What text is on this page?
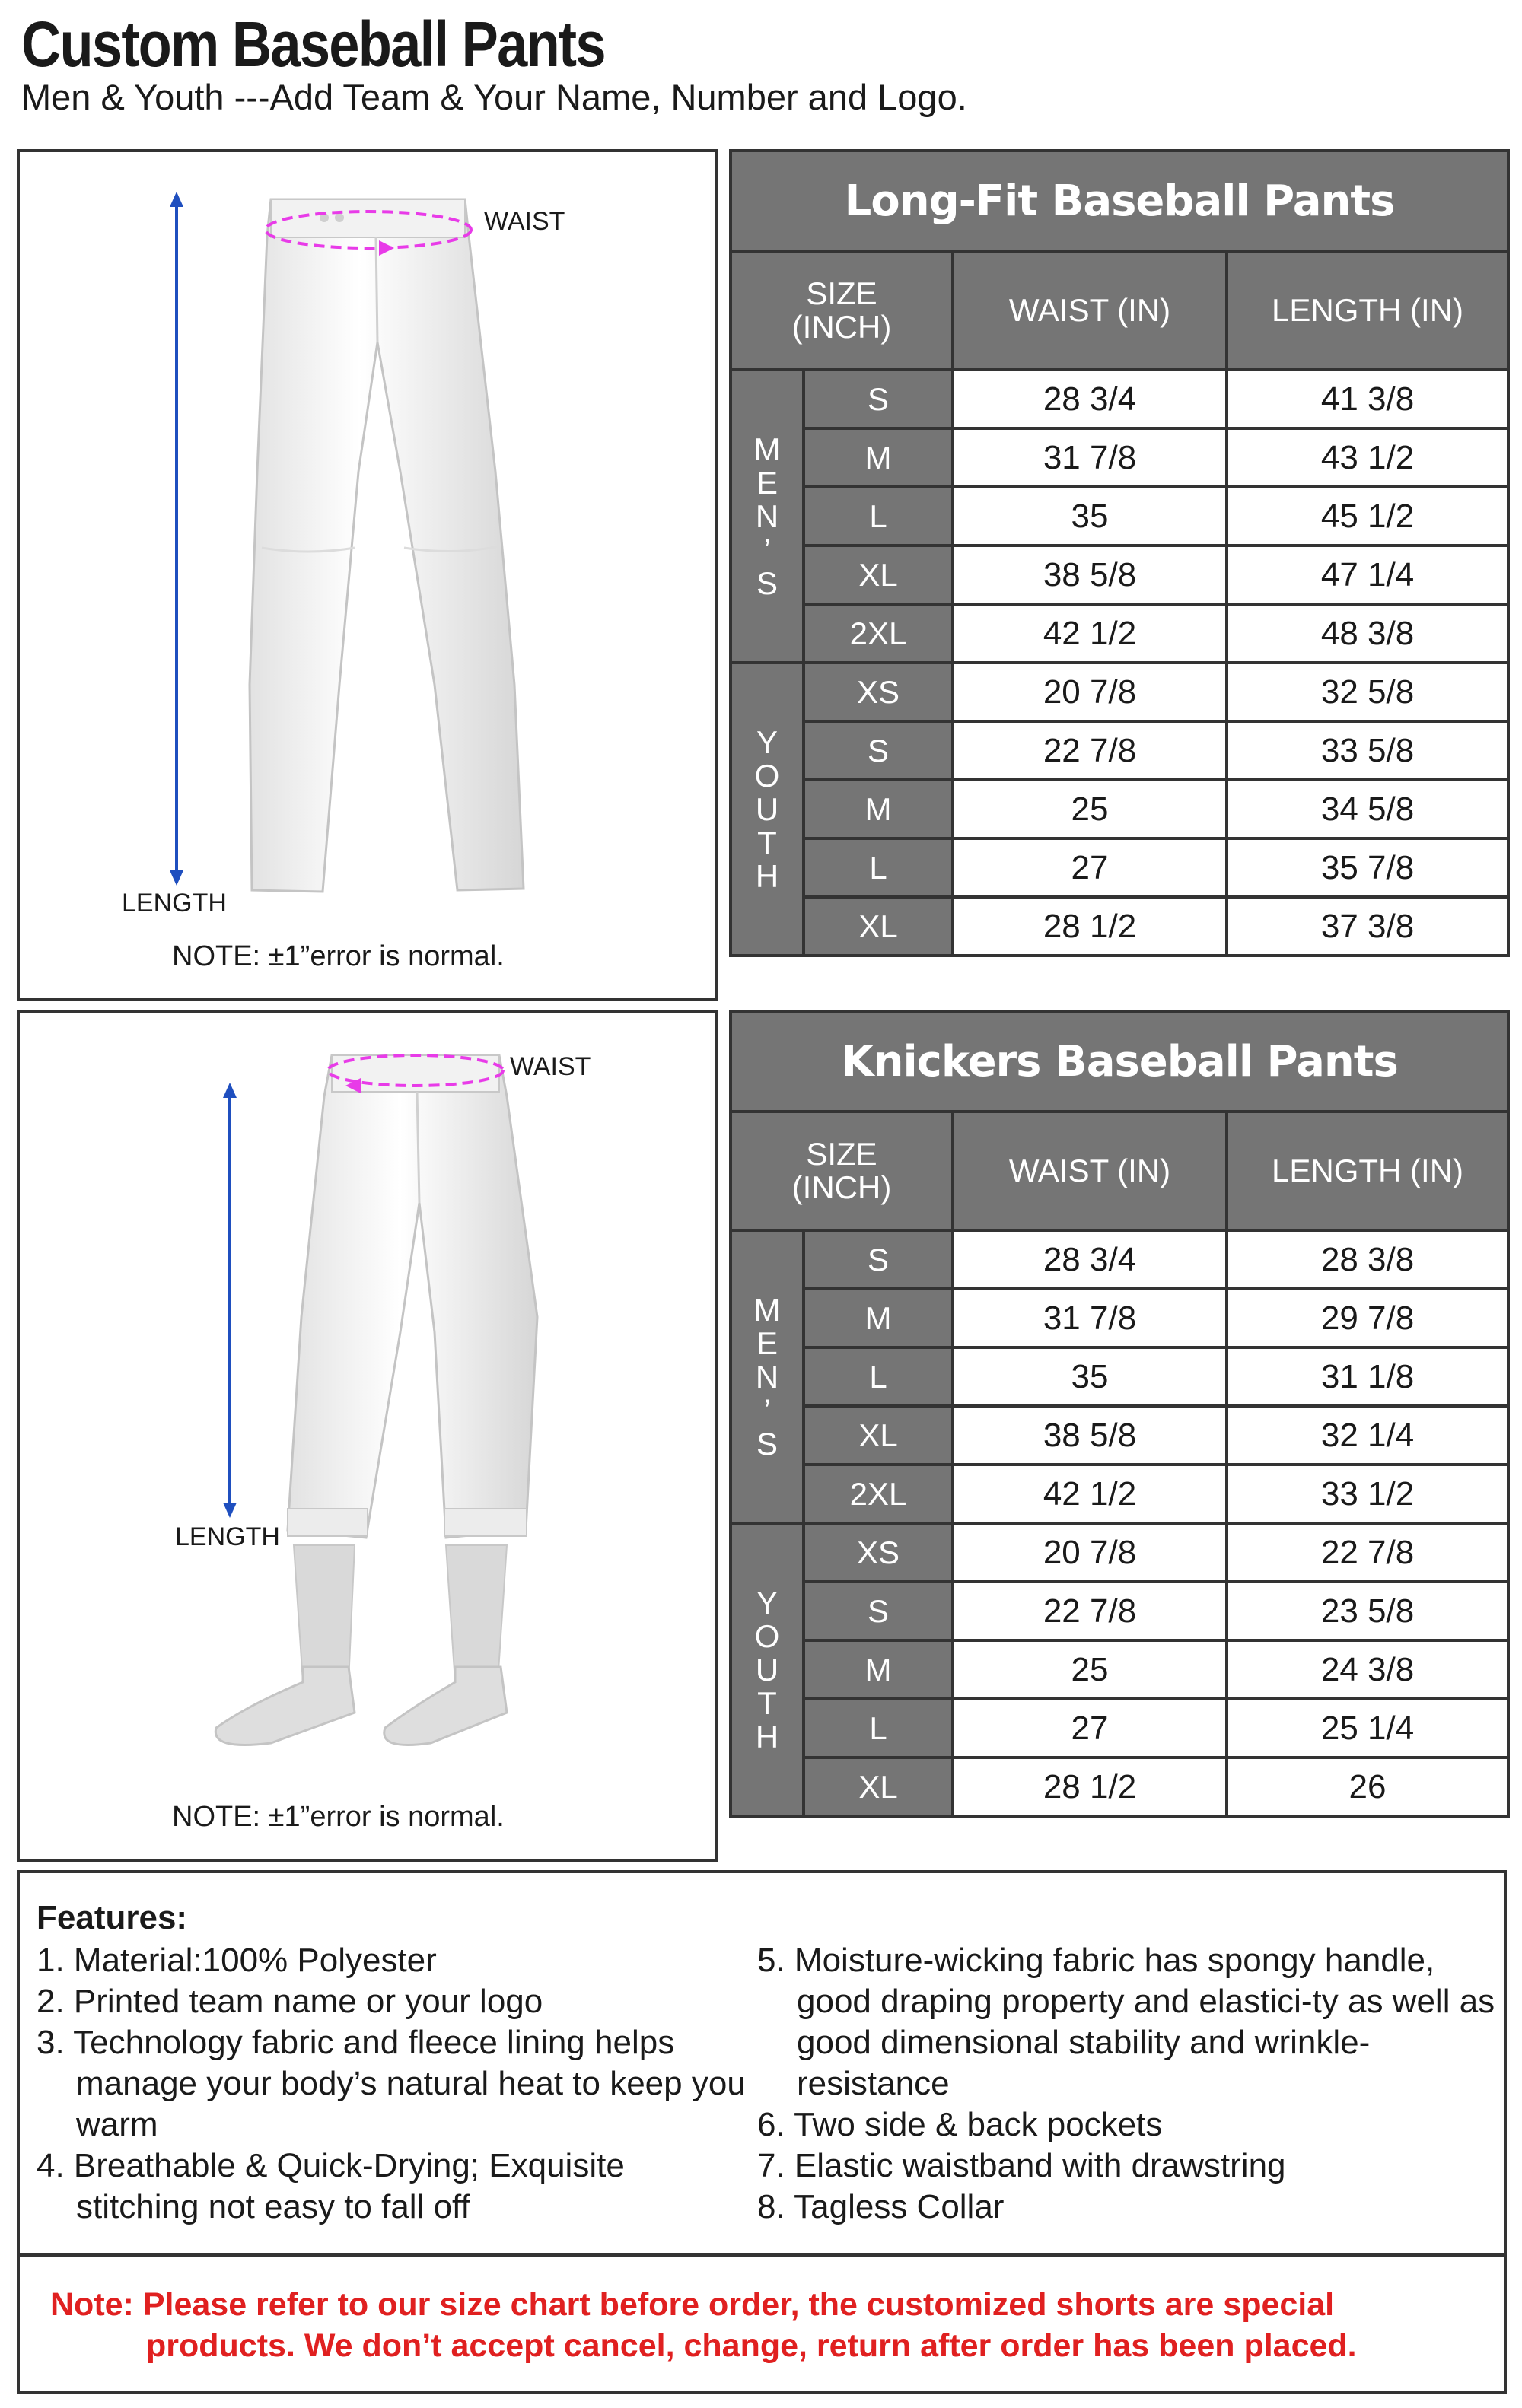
Custom Baseball Pants
Men & Youth ---Add Team & Your Name, Number and Logo.
WAIST
LENGTH
NOTE: ±1”error is normal.
WAIST
LENGTH
NOTE: ±1”error is normal.
Long-Fit Baseball Pants			
SIZE
(INCH)		WAIST (IN)	LENGTH (IN)
M
E
N
’
S	S	28 3/4	41 3/8
	M	31 7/8	43 1/2
	L	35	45 1/2
	XL	38 5/8	47 1/4
	2XL	42 1/2	48 3/8
Y
O
U
T
H	XS	20 7/8	32 5/8
	S	22 7/8	33 5/8
	M	25	34 5/8
	L	27	35 7/8
	XL	28 1/2	37 3/8
Knickers Baseball Pants			
SIZE
(INCH)		WAIST (IN)	LENGTH (IN)
M
E
N
’
S	S	28 3/4	28 3/8
	M	31 7/8	29 7/8
	L	35	31 1/8
	XL	38 5/8	32 1/4
	2XL	42 1/2	33 1/2
Y
O
U
T
H	XS	20 7/8	22 7/8
	S	22 7/8	23 5/8
	M	25	24 3/8
	L	27	25 1/4
	XL	28 1/2	26
Features:
1. Material:100% Polyester
2. Printed team name or your logo
3. Technology fabric and fleece lining helps manage your body’s natural heat to keep you warm
4. Breathable & Quick-Drying; Exquisite stitching not easy to fall off
5. Moisture-wicking fabric has spongy handle, good draping property and elastici-ty as well as good dimensional stability and wrinkle-resistance
6. Two side & back pockets
7. Elastic waistband with drawstring
8. Tagless Collar
Note: Please refer to our size chart before order, the customized shorts are special
products. We don’t accept cancel, change, return after order has been placed.
